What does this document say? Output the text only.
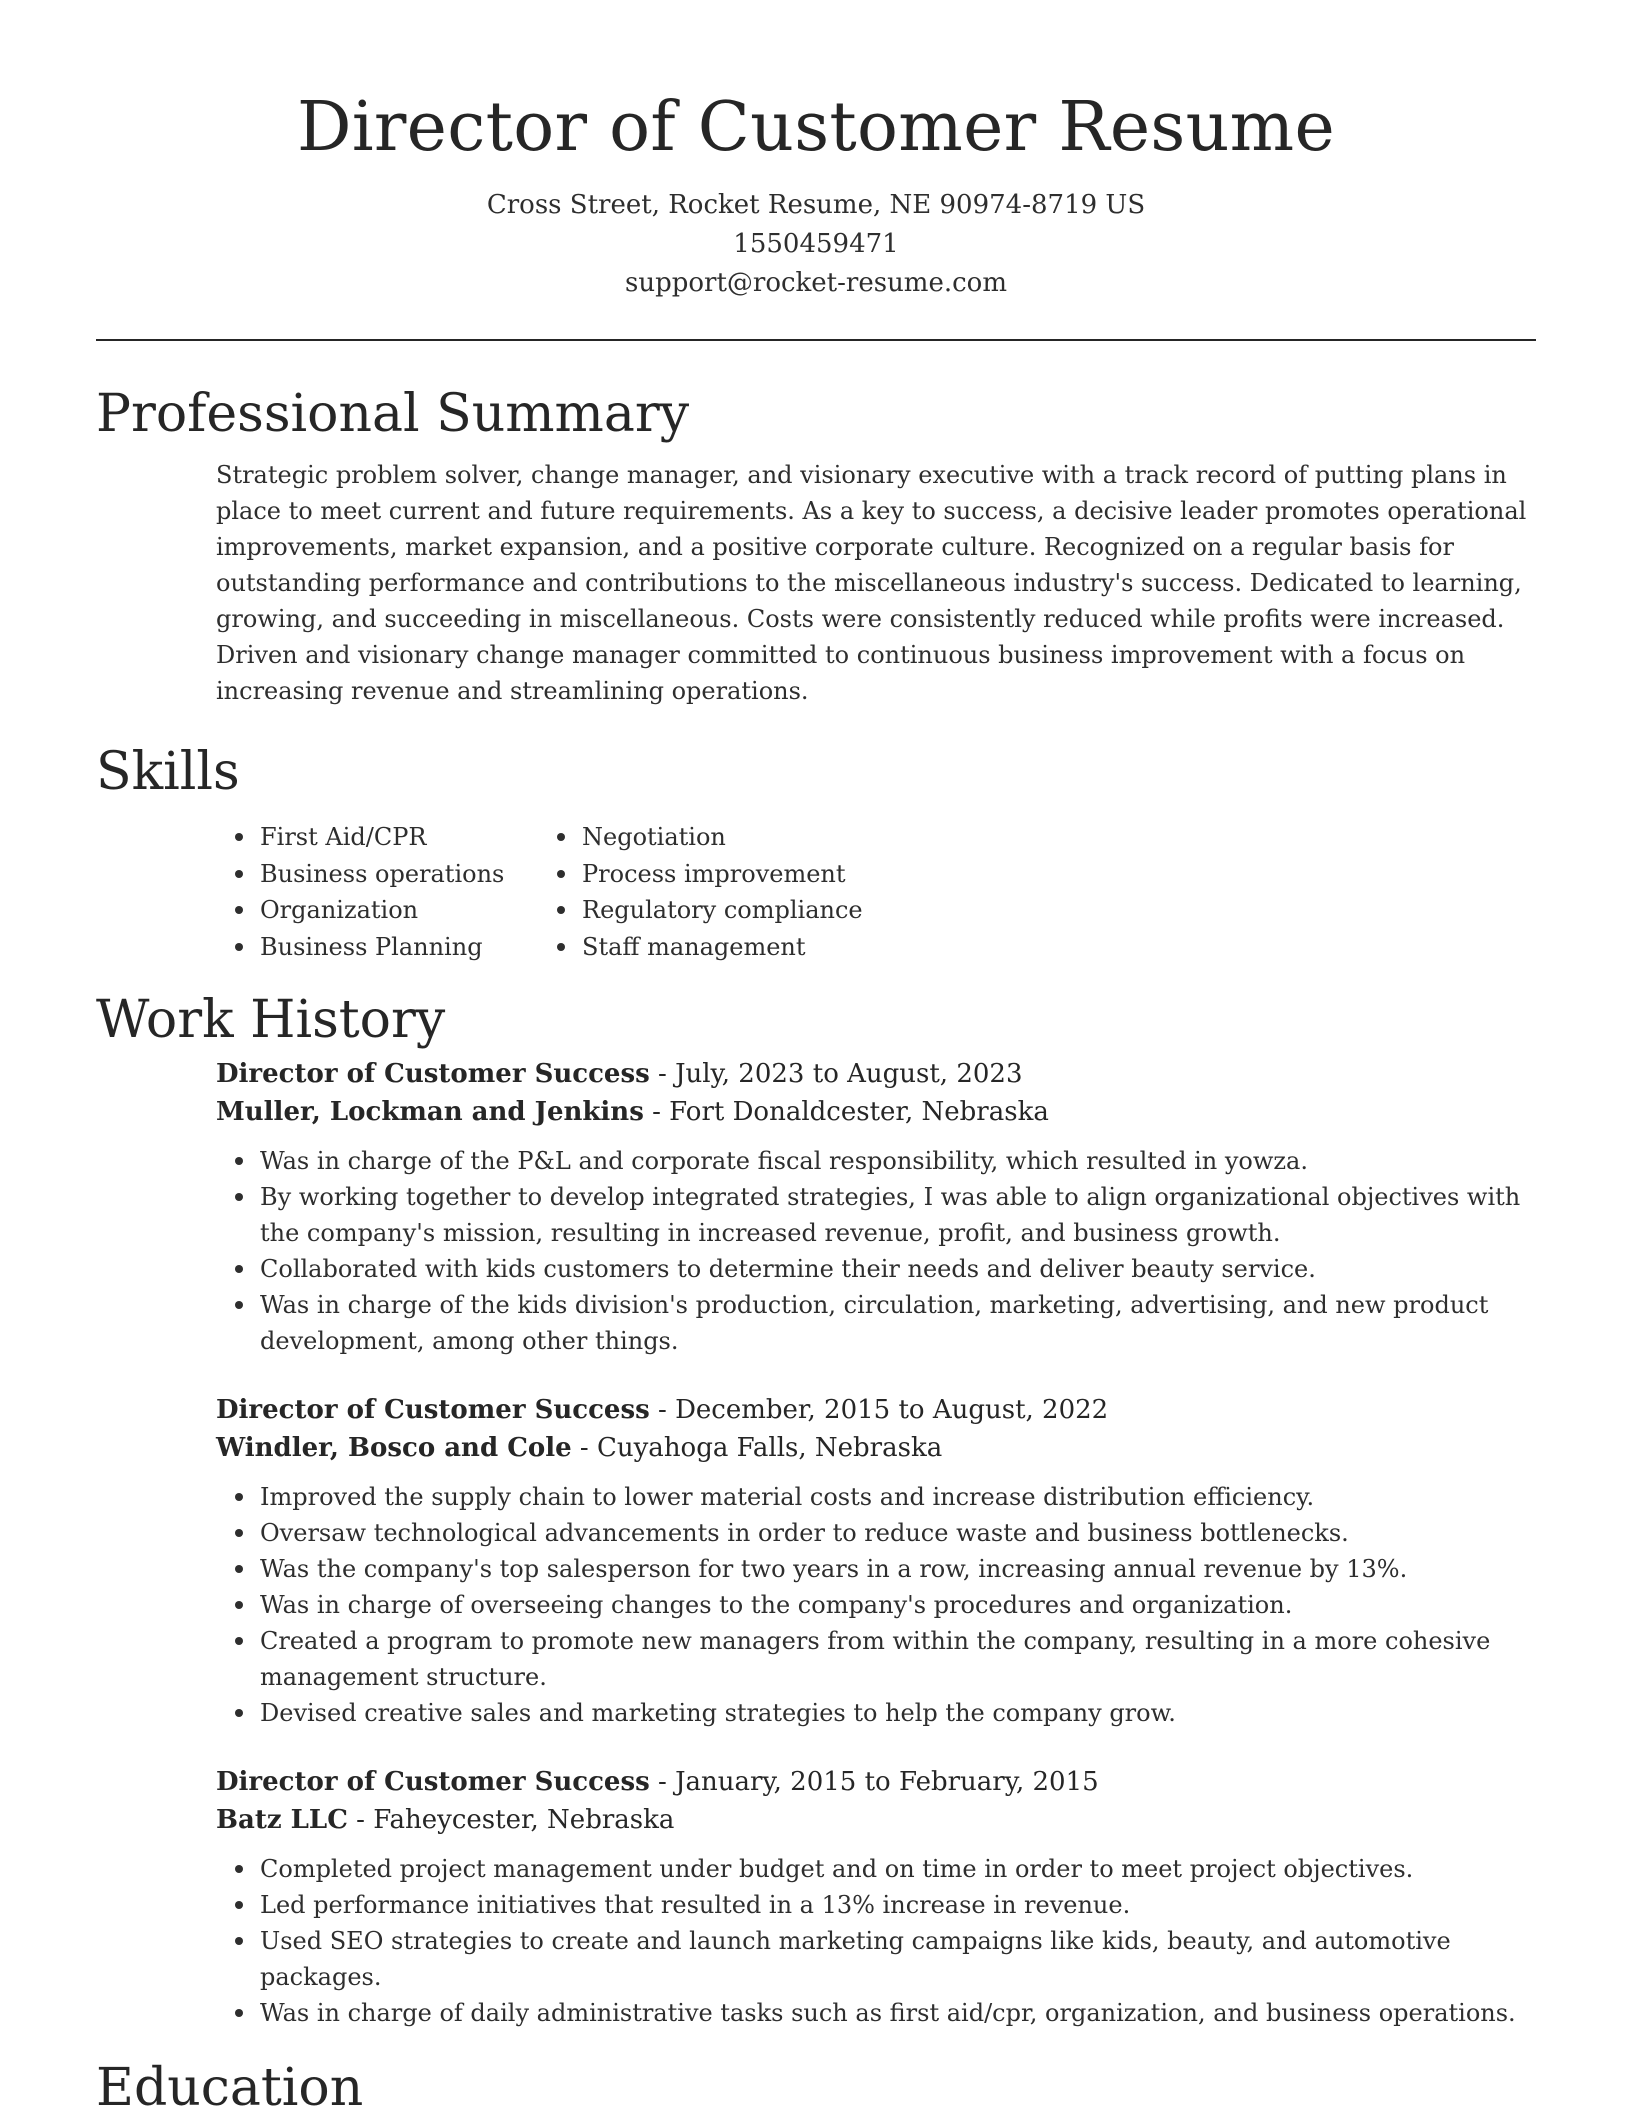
Director of Customer Resume
Cross Street, Rocket Resume, NE 90974-8719 US
1550459471
support@rocket-resume.com
Professional Summary
Strategic problem solver, change manager, and visionary executive with a track record of putting plans in place to meet current and future requirements. As a key to success, a decisive leader promotes operational improvements, market expansion, and a positive corporate culture. Recognized on a regular basis for outstanding performance and contributions to the miscellaneous industry's success. Dedicated to learning, growing, and succeeding in miscellaneous. Costs were consistently reduced while profits were increased. Driven and visionary change manager committed to continuous business improvement with a focus on increasing revenue and streamlining operations.
Skills
First Aid/CPR
Business operations
Organization
Business Planning
Negotiation
Process improvement
Regulatory compliance
Staff management
Work History
Director of Customer Success - July, 2023 to August, 2023
Muller, Lockman and Jenkins - Fort Donaldcester, Nebraska
Was in charge of the P&L and corporate fiscal responsibility, which resulted in yowza.
By working together to develop integrated strategies, I was able to align organizational objectives with the company's mission, resulting in increased revenue, profit, and business growth.
Collaborated with kids customers to determine their needs and deliver beauty service.
Was in charge of the kids division's production, circulation, marketing, advertising, and new product development, among other things.
Director of Customer Success - December, 2015 to August, 2022
Windler, Bosco and Cole - Cuyahoga Falls, Nebraska
Improved the supply chain to lower material costs and increase distribution efficiency.
Oversaw technological advancements in order to reduce waste and business bottlenecks.
Was the company's top salesperson for two years in a row, increasing annual revenue by 13%.
Was in charge of overseeing changes to the company's procedures and organization.
Created a program to promote new managers from within the company, resulting in a more cohesive management structure.
Devised creative sales and marketing strategies to help the company grow.
Director of Customer Success - January, 2015 to February, 2015
Batz LLC - Faheycester, Nebraska
Completed project management under budget and on time in order to meet project objectives.
Led performance initiatives that resulted in a 13% increase in revenue.
Used SEO strategies to create and launch marketing campaigns like kids, beauty, and automotive packages.
Was in charge of daily administrative tasks such as first aid/cpr, organization, and business operations.
Education
